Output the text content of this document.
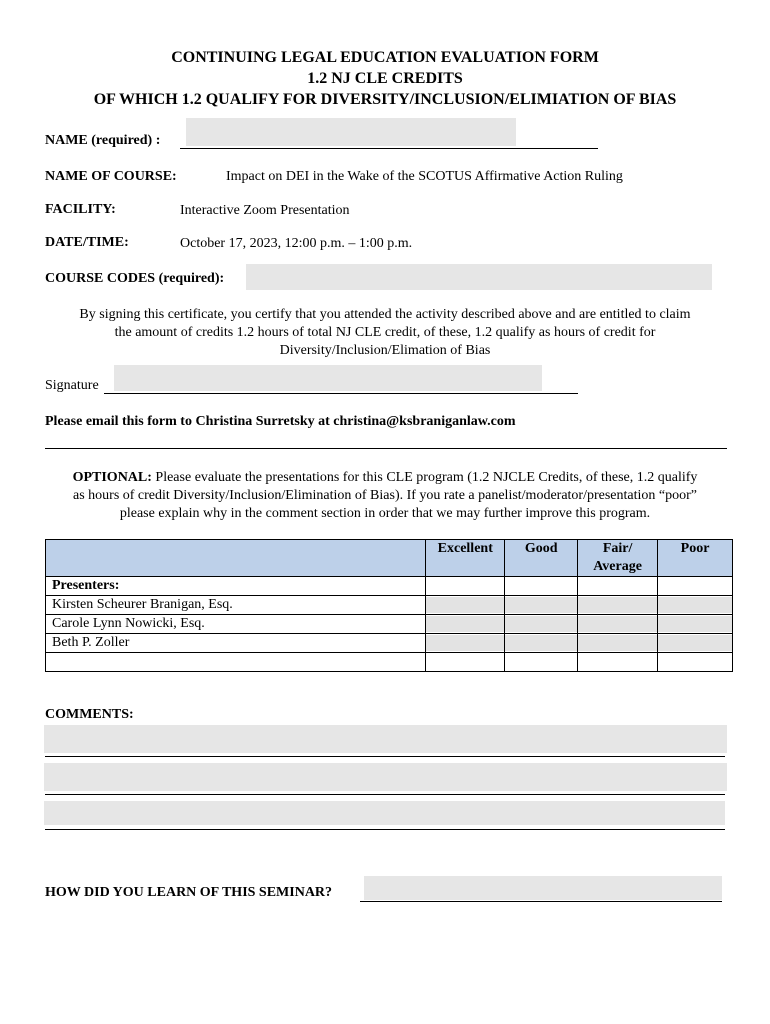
CONTINUING LEGAL EDUCATION EVALUATION FORM
1.2 NJ CLE CREDITS
OF WHICH 1.2 QUALIFY FOR DIVERSITY/INCLUSION/ELIMIATION OF BIAS
NAME (required) :
NAME OF COURSE:	Impact on DEI in the Wake of the SCOTUS Affirmative Action Ruling
FACILITY:	Interactive Zoom Presentation
DATE/TIME:	October 17, 2023, 12:00 p.m. – 1:00 p.m.
COURSE CODES (required):
By signing this certificate, you certify that you attended the activity described above and are entitled to claim
the amount of credits 1.2 hours of total NJ CLE credit, of these, 1.2 qualify as hours of credit for
Diversity/Inclusion/Elimation of Bias
Signature
Please email this form to Christina Surretsky at christina@ksbraniganlaw.com
OPTIONAL: Please evaluate the presentations for this CLE program (1.2 NJCLE Credits, of these, 1.2 qualify
as hours of credit Diversity/Inclusion/Elimination of Bias). If you rate a panelist/moderator/presentation “poor”
please explain why in the comment section in order that we may further improve this program.
	Excellent	Good	Fair/
Average	Poor
Presenters:				
Kirsten Scheurer Branigan, Esq.	

Carole Lynn Nowicki, Esq.	

Beth P. Zoller	

COMMENTS:
HOW DID YOU LEARN OF THIS SEMINAR?
